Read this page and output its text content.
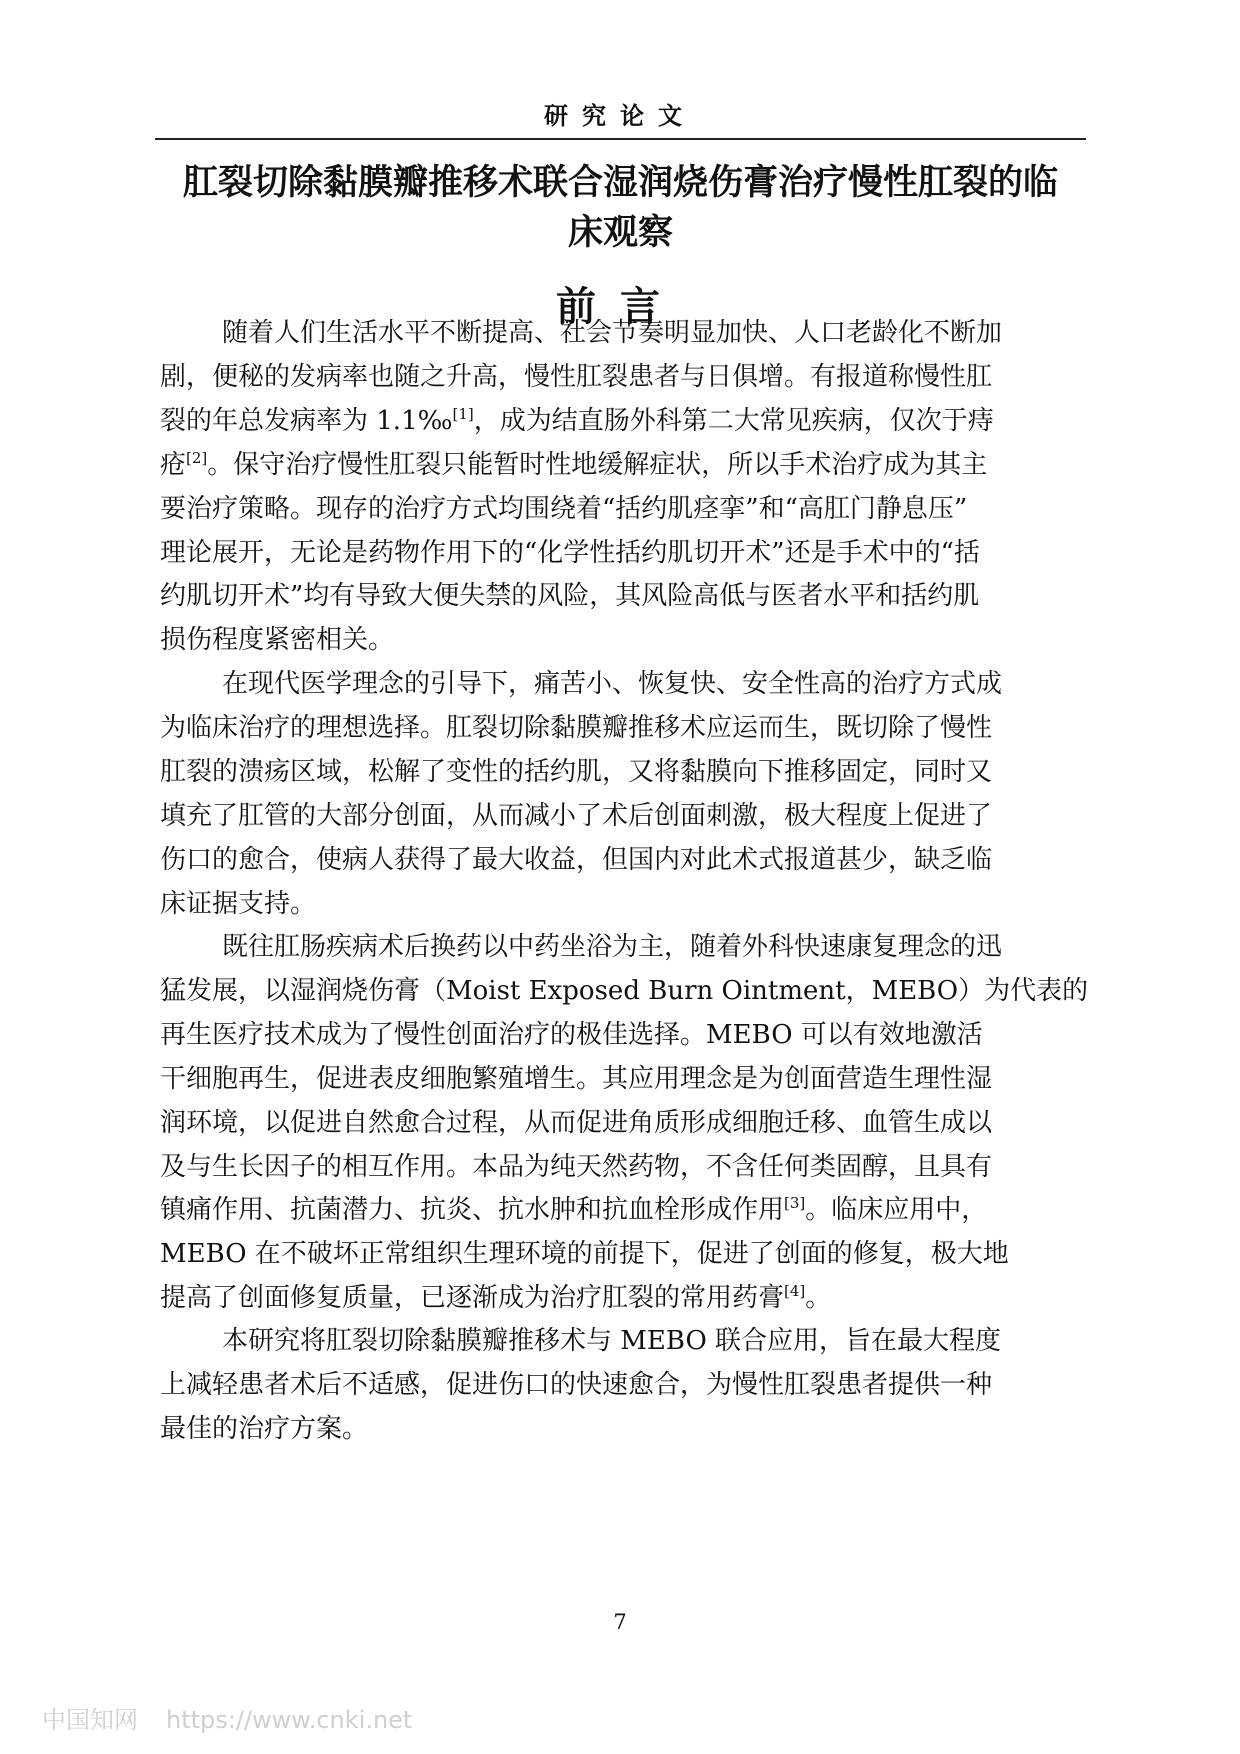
研究论文
肛裂切除黏膜瓣推移术联合湿润烧伤膏治疗慢性肛裂的临
床观察
前言
随着人们生活水平不断提高、社会节奏明显加快、人口老龄化不断加
剧，便秘的发病率也随之升高，慢性肛裂患者与日俱增。有报道称慢性肛
裂的年总发病率为 1.1‰[1]，成为结直肠外科第二大常见疾病，仅次于痔
疮[2]。保守治疗慢性肛裂只能暂时性地缓解症状，所以手术治疗成为其主
要治疗策略。现存的治疗方式均围绕着“括约肌痉挛”和“高肛门静息压”
理论展开，无论是药物作用下的“化学性括约肌切开术”还是手术中的“括
约肌切开术”均有导致大便失禁的风险，其风险高低与医者水平和括约肌
损伤程度紧密相关。
在现代医学理念的引导下，痛苦小、恢复快、安全性高的治疗方式成
为临床治疗的理想选择。肛裂切除黏膜瓣推移术应运而生，既切除了慢性
肛裂的溃疡区域，松解了变性的括约肌，又将黏膜向下推移固定，同时又
填充了肛管的大部分创面，从而减小了术后创面刺激，极大程度上促进了
伤口的愈合，使病人获得了最大收益，但国内对此术式报道甚少，缺乏临
床证据支持。
既往肛肠疾病术后换药以中药坐浴为主，随着外科快速康复理念的迅
猛发展，以湿润烧伤膏（Moist Exposed Burn Ointment，MEBO）为代表的
再生医疗技术成为了慢性创面治疗的极佳选择。MEBO 可以有效地激活
干细胞再生，促进表皮细胞繁殖增生。其应用理念是为创面营造生理性湿
润环境，以促进自然愈合过程，从而促进角质形成细胞迁移、血管生成以
及与生长因子的相互作用。本品为纯天然药物，不含任何类固醇，且具有
镇痛作用、抗菌潜力、抗炎、抗水肿和抗血栓形成作用[3]。临床应用中，
MEBO 在不破坏正常组织生理环境的前提下，促进了创面的修复，极大地
提高了创面修复质量，已逐渐成为治疗肛裂的常用药膏[4]。
本研究将肛裂切除黏膜瓣推移术与 MEBO 联合应用，旨在最大程度
上减轻患者术后不适感，促进伤口的快速愈合，为慢性肛裂患者提供一种
最佳的治疗方案。
7
中国知网 https://www.cnki.net
